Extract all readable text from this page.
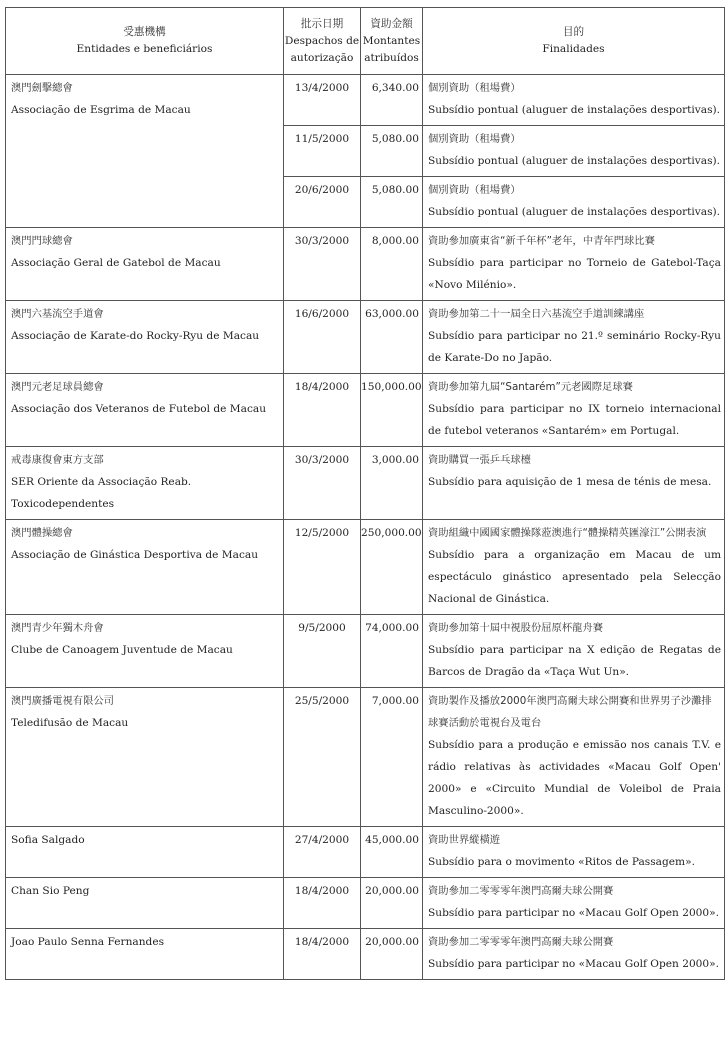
受惠機構
Entidades e beneficiários	批示日期
Despachos de
autorização	資助金額
Montantes
atribuídos	目的
Finalidades

澳門劍擊總會
Associação de Esgrima de Macau	13/4/2000	6,340.00	個別資助（租場費）
Subsídio pontual (aluguer de instalações desportivas).

	11/5/2000	5,080.00	個別資助（租場費）
Subsídio pontual (aluguer de instalações desportivas).

	20/6/2000	5,080.00	個別資助（租場費）
Subsídio pontual (aluguer de instalações desportivas).

澳門門球總會
Associação Geral de Gatebol de Macau	30/3/2000	8,000.00	資助參加廣東省“新千年杯”老年，中青年門球比賽
Subsídio para participar no Torneio de Gatebol-Taça «Novo Milénio».

澳門六基流空手道會
Associação de Karate-do Rocky-Ryu de Macau	16/6/2000	63,000.00	資助參加第二十一屆全日六基流空手道訓練講座
Subsídio para participar no 21.º seminário Rocky-Ryu de Karate-Do no Japão.

澳門元老足球員總會
Associação dos Veteranos de Futebol de Macau	18/4/2000	150,000.00	資助參加第九屆“Santarém”元老國際足球賽
Subsídio para participar no IX torneio internacional de futebol veteranos «Santarém» em Portugal.

戒毒康復會東方支部
SER Oriente da Associação Reab. Toxicodependentes	30/3/2000	3,000.00	資助購買一張乒乓球檯
Subsídio para aquisição de 1 mesa de ténis de mesa.

澳門體操總會
Associação de Ginástica Desportiva de Macau	12/5/2000	250,000.00	資助組織中國國家體操隊蒞澳進行“體操精英匯濠江”公開表演
Subsídio para a organização em Macau de um espectáculo ginástico apresentado pela Selecção Nacional de Ginástica.

澳門青少年獨木舟會
Clube de Canoagem Juventude de Macau	9/5/2000	74,000.00	資助參加第十屆中視股份屈原杯龍舟賽
Subsídio para participar na X edição de Regatas de Barcos de Dragão da «Taça Wut Un».

澳門廣播電視有限公司
Teledifusão de Macau	25/5/2000	7,000.00	資助製作及播放2000年澳門高爾夫球公開賽和世界男子沙灘排球賽活動於電視台及電台
Subsídio para a produção e emissão nos canais T.V. e rádio relativas às actividades «Macau Golf Open' 2000» e «Circuito Mundial de Voleibol de Praia Masculino-2000».

Sofia Salgado	27/4/2000	45,000.00	資助世界縱橫遊
Subsídio para o movimento «Ritos de Passagem».

Chan Sio Peng	18/4/2000	20,000.00	資助參加二零零零年澳門高爾夫球公開賽
Subsídio para participar no «Macau Golf Open 2000».

Joao Paulo Senna Fernandes	18/4/2000	20,000.00	資助參加二零零零年澳門高爾夫球公開賽
Subsídio para participar no «Macau Golf Open 2000».
